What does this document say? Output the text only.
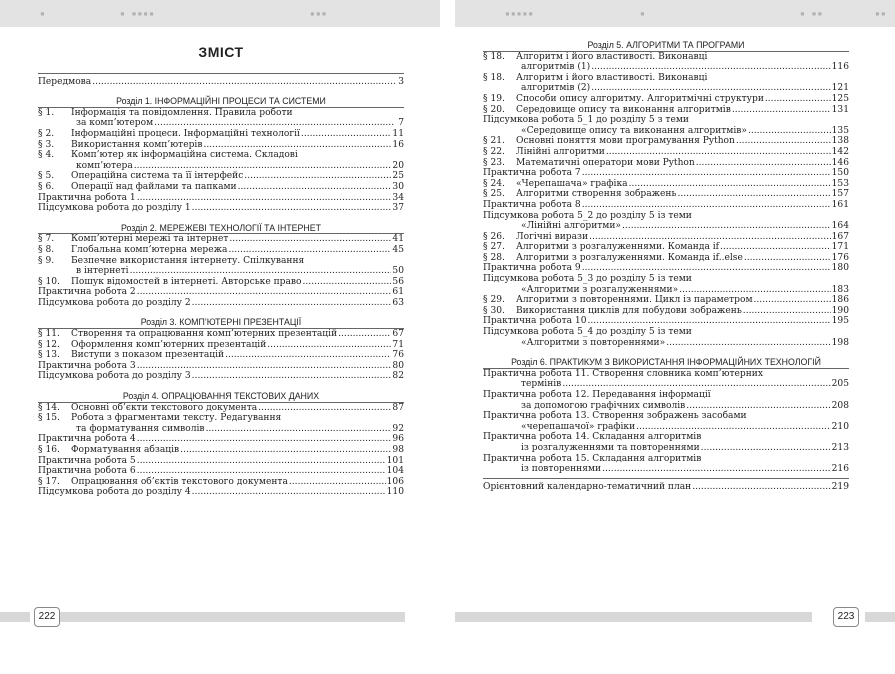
▪	▪ ▪▪▪▪	▪▪▪	▪▪▪▪▪	▪	▪ ▪▪	▪▪
ЗМІСТ
Передмова .....	3
Розділ 1. ІНФОРМАЦІЙНІ ПРОЦЕСИ ТА СИСТЕМИ
§ 1.	Інформація та повідомлення. Правила роботи
за комп’ютером .....	7
§ 2.	Інформаційні процеси. Інформаційні технології .....	11
§ 3.	Використання комп’ютерів .....	16
§ 4.	Комп’ютер як інформаційна система. Складові
комп’ютера .....	20
§ 5.	Операційна система та її інтерфейс .....	25
§ 6.	Операції над файлами та папками .....	30
Практична робота 1 .....	34
Підсумкова робота до розділу 1 .....	37
Розділ 2. МЕРЕЖЕВІ ТЕХНОЛОГІЇ ТА ІНТЕРНЕТ
§ 7.	Комп’ютерні мережі та інтернет .....	41
§ 8.	Глобальна комп’ютерна мережа .....	45
§ 9.	Безпечне використання інтернету. Спілкування
в інтернеті .....	50
§ 10.	Пошук відомостей в інтернеті. Авторське право .....	56
Практична робота 2 .....	61
Підсумкова робота до розділу 2 .....	63
Розділ 3. КОМП’ЮТЕРНІ ПРЕЗЕНТАЦІЇ
§ 11.	Створення та опрацювання комп’ютерних презентацій .....	67
§ 12.	Оформлення комп’ютерних презентацій .....	71
§ 13.	Виступи з показом презентацій .....	76
Практична робота 3 .....	80
Підсумкова робота до розділу 3 .....	82
Розділ 4. ОПРАЦЮВАННЯ ТЕКСТОВИХ ДАНИХ
§ 14.	Основні об’єкти текстового документа .....	87
§ 15.	Робота з фрагментами тексту. Редагування
та форматування символів .....	92
Практична робота 4 .....	96
§ 16.	Форматування абзаців .....	98
Практична робота 5 .....	101
Практична робота 6 .....	104
§ 17.	Опрацювання об’єктів текстового документа .....	106
Підсумкова робота до розділу 4 .....	110
Розділ 5. АЛГОРИТМИ ТА ПРОГРАМИ
§ 18.	Алгоритм і його властивості. Виконавці
алгоритмів (1) .....	116
§ 18.	Алгоритм і його властивості. Виконавці
алгоритмів (2) .....	121
§ 19.	Способи опису алгоритму. Алгоритмічні структури .....	125
§ 20.	Середовище опису та виконання алгоритмів .....	131
Підсумкова робота 5_1 до розділу 5 з теми
«Середовище опису та виконання алгоритмів» .....	135
§ 21.	Основні поняття мови програмування Python .....	138
§ 22.	Лінійні алгоритми .....	142
§ 23.	Математичні оператори мови Python .....	146
Практична робота 7 .....	150
§ 24.	«Черепашача» графіка .....	153
§ 25.	Алгоритми створення зображень .....	157
Практична робота 8 .....	161
Підсумкова робота 5_2 до розділу 5 із теми
«Лінійні алгоритми» .....	164
§ 26.	Логічні вирази .....	167
§ 27.	Алгоритми з розгалуженнями. Команда if .....	171
§ 28.	Алгоритми з розгалуженнями. Команда if..else .....	176
Практична робота 9 .....	180
Підсумкова робота 5_3 до розділу 5 із теми
«Алгоритми з розгалуженнями» .....	183
§ 29.	Алгоритми з повтореннями. Цикл із параметром .....	186
§ 30.	Використання циклів для побудови зображень .....	190
Практична робота 10 .....	195
Підсумкова робота 5_4 до розділу 5 із теми
«Алгоритми з повтореннями» .....	198
Розділ 6. ПРАКТИКУМ З ВИКОРИСТАННЯ ІНФОРМАЦІЙНИХ ТЕХНОЛОГІЙ
Практична робота 11. Створення словника комп’ютерних
термінів .....	205
Практична робота 12. Передавання інформації
за допомогою графічних символів .....	208
Практична робота 13. Створення зображень засобами
«черепашачої» графіки .....	210
Практична робота 14. Складання алгоритмів
із розгалуженнями та повтореннями .....	213
Практична робота 15. Складання алгоритмів
із повтореннями .....	216
Орієнтовний календарно-тематичний план .....	219
222	223
